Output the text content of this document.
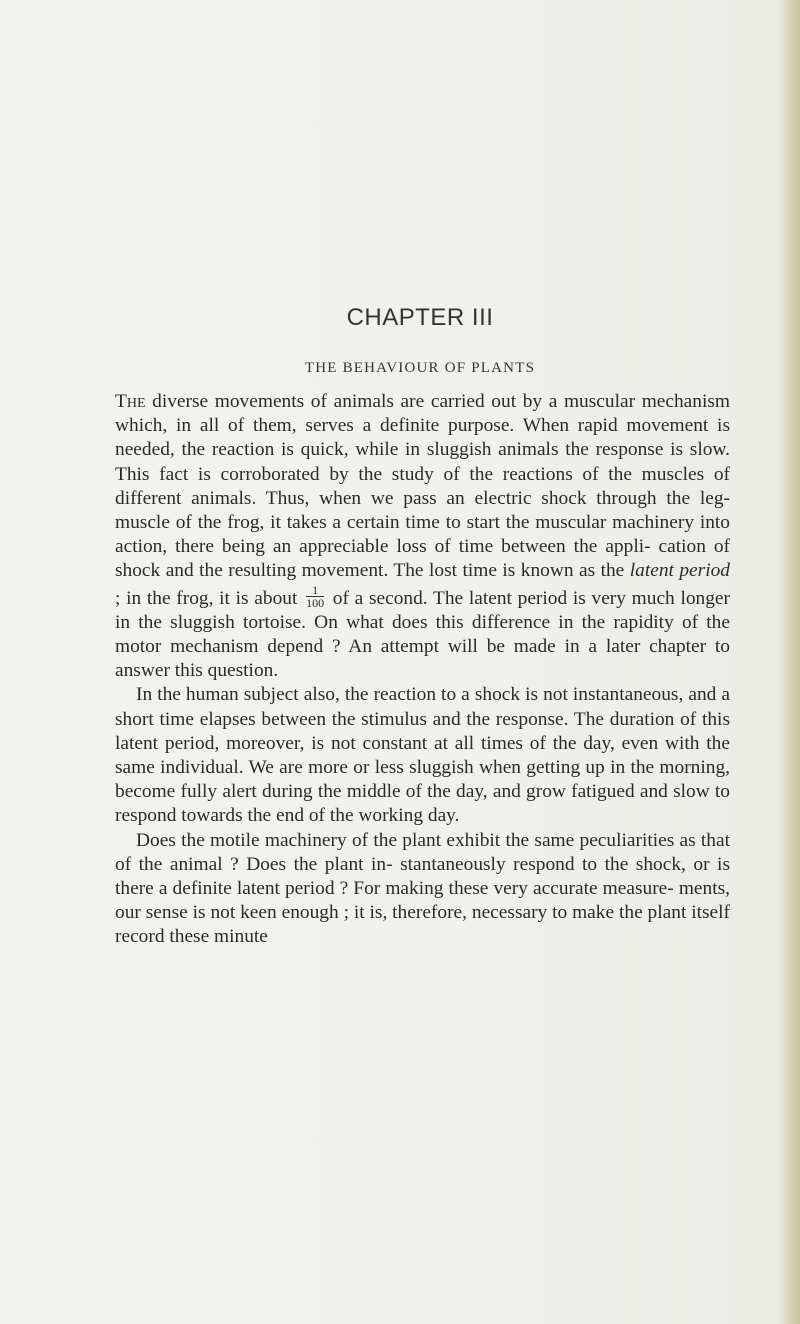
CHAPTER III
THE BEHAVIOUR OF PLANTS

The diverse movements of animals are carried out by a muscular mechanism which, in all of them, serves a definite purpose. When rapid movement is needed, the reaction is quick, while in sluggish animals the response is slow. This fact is corroborated by the study of the reactions of the muscles of different animals. Thus, when we pass an electric shock through the leg-muscle of the frog, it takes a certain time to start the muscular machinery into action, there being an appreciable loss of time between the appli- cation of shock and the resulting movement. The lost time is known as the latent period ; in the frog, it is about $\frac{1}{100}$ of a second. The latent period is very much longer in the sluggish tortoise. On what does this difference in the rapidity of the motor mechanism depend ? An attempt will be made in a later chapter to answer this question.

In the human subject also, the reaction to a shock is not instantaneous, and a short time elapses between the stimulus and the response. The duration of this latent period, moreover, is not constant at all times of the day, even with the same individual. We are more or less sluggish when getting up in the morning, become fully alert during the middle of the day, and grow fatigued and slow to respond towards the end of the working day.

Does the motile machinery of the plant exhibit the same peculiarities as that of the animal ? Does the plant in- stantaneously respond to the shock, or is there a definite latent period ? For making these very accurate measure- ments, our sense is not keen enough ; it is, therefore, necessary to make the plant itself record these minute
